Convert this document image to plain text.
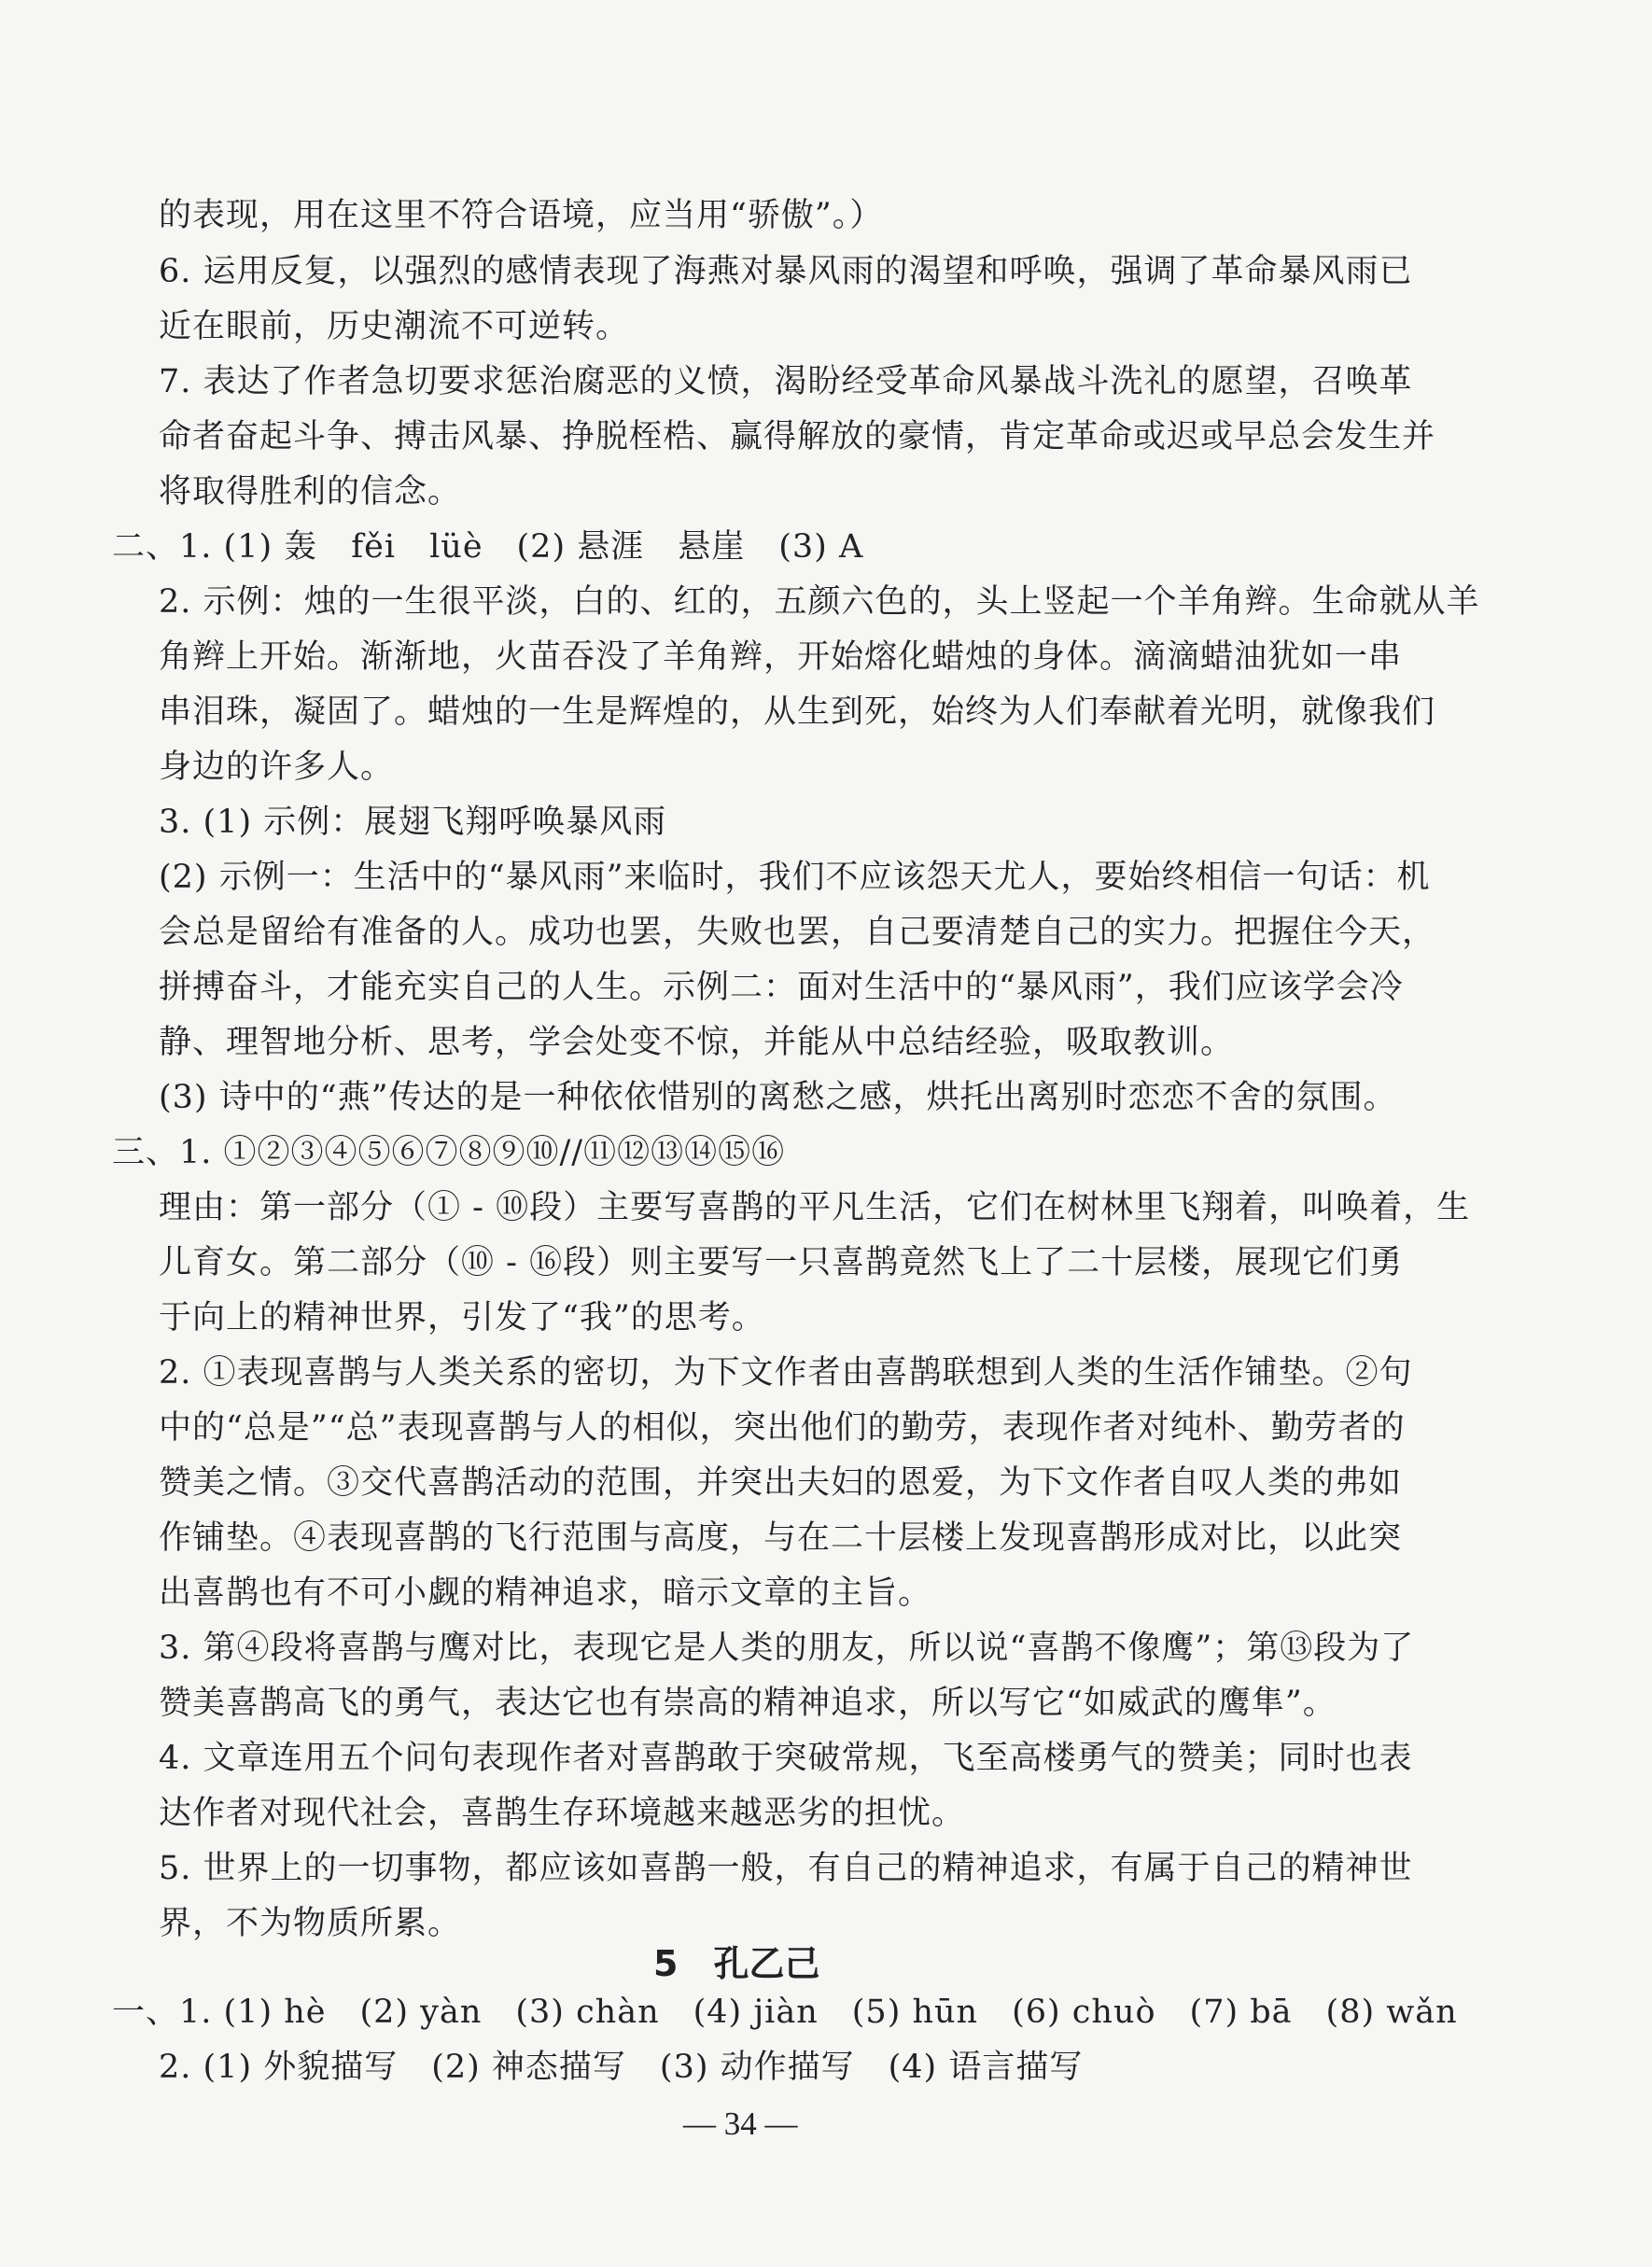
的表现，用在这里不符合语境，应当用“骄傲”。）
6. 运用反复，以强烈的感情表现了海燕对暴风雨的渴望和呼唤，强调了革命暴风雨已
近在眼前，历史潮流不可逆转。
7. 表达了作者急切要求惩治腐恶的义愤，渴盼经受革命风暴战斗洗礼的愿望，召唤革
命者奋起斗争、搏击风暴、挣脱桎梏、赢得解放的豪情，肯定革命或迟或早总会发生并
将取得胜利的信念。
二、1. (1) 轰　fěi　lüè　(2) 悬涯　悬崖　(3) A
2. 示例：烛的一生很平淡，白的、红的，五颜六色的，头上竖起一个羊角辫。生命就从羊
角辫上开始。渐渐地，火苗吞没了羊角辫，开始熔化蜡烛的身体。滴滴蜡油犹如一串
串泪珠，凝固了。蜡烛的一生是辉煌的，从生到死，始终为人们奉献着光明，就像我们
身边的许多人。
3. (1) 示例：展翅飞翔呼唤暴风雨
(2) 示例一：生活中的“暴风雨”来临时，我们不应该怨天尤人，要始终相信一句话：机
会总是留给有准备的人。成功也罢，失败也罢，自己要清楚自己的实力。把握住今天，
拼搏奋斗，才能充实自己的人生。示例二：面对生活中的“暴风雨”，我们应该学会冷
静、理智地分析、思考，学会处变不惊，并能从中总结经验，吸取教训。
(3) 诗中的“燕”传达的是一种依依惜别的离愁之感，烘托出离别时恋恋不舍的氛围。
三、1. ①②③④⑤⑥⑦⑧⑨⑩//⑪⑫⑬⑭⑮⑯
理由：第一部分（① - ⑩段）主要写喜鹊的平凡生活，它们在树林里飞翔着，叫唤着，生
儿育女。第二部分（⑩ - ⑯段）则主要写一只喜鹊竟然飞上了二十层楼，展现它们勇
于向上的精神世界，引发了“我”的思考。
2. ①表现喜鹊与人类关系的密切，为下文作者由喜鹊联想到人类的生活作铺垫。②句
中的“总是”“总”表现喜鹊与人的相似，突出他们的勤劳，表现作者对纯朴、勤劳者的
赞美之情。③交代喜鹊活动的范围，并突出夫妇的恩爱，为下文作者自叹人类的弗如
作铺垫。④表现喜鹊的飞行范围与高度，与在二十层楼上发现喜鹊形成对比，以此突
出喜鹊也有不可小觑的精神追求，暗示文章的主旨。
3. 第④段将喜鹊与鹰对比，表现它是人类的朋友，所以说“喜鹊不像鹰”；第⑬段为了
赞美喜鹊高飞的勇气，表达它也有崇高的精神追求，所以写它“如威武的鹰隼”。
4. 文章连用五个问句表现作者对喜鹊敢于突破常规，飞至高楼勇气的赞美；同时也表
达作者对现代社会，喜鹊生存环境越来越恶劣的担忧。
5. 世界上的一切事物，都应该如喜鹊一般，有自己的精神追求，有属于自己的精神世
界，不为物质所累。
5　孔乙己
一、1. (1) hè　(2) yàn　(3) chàn　(4) jiàn　(5) hūn　(6) chuò　(7) bā　(8) wǎn
2. (1) 外貌描写　(2) 神态描写　(3) 动作描写　(4) 语言描写
— 34 —
